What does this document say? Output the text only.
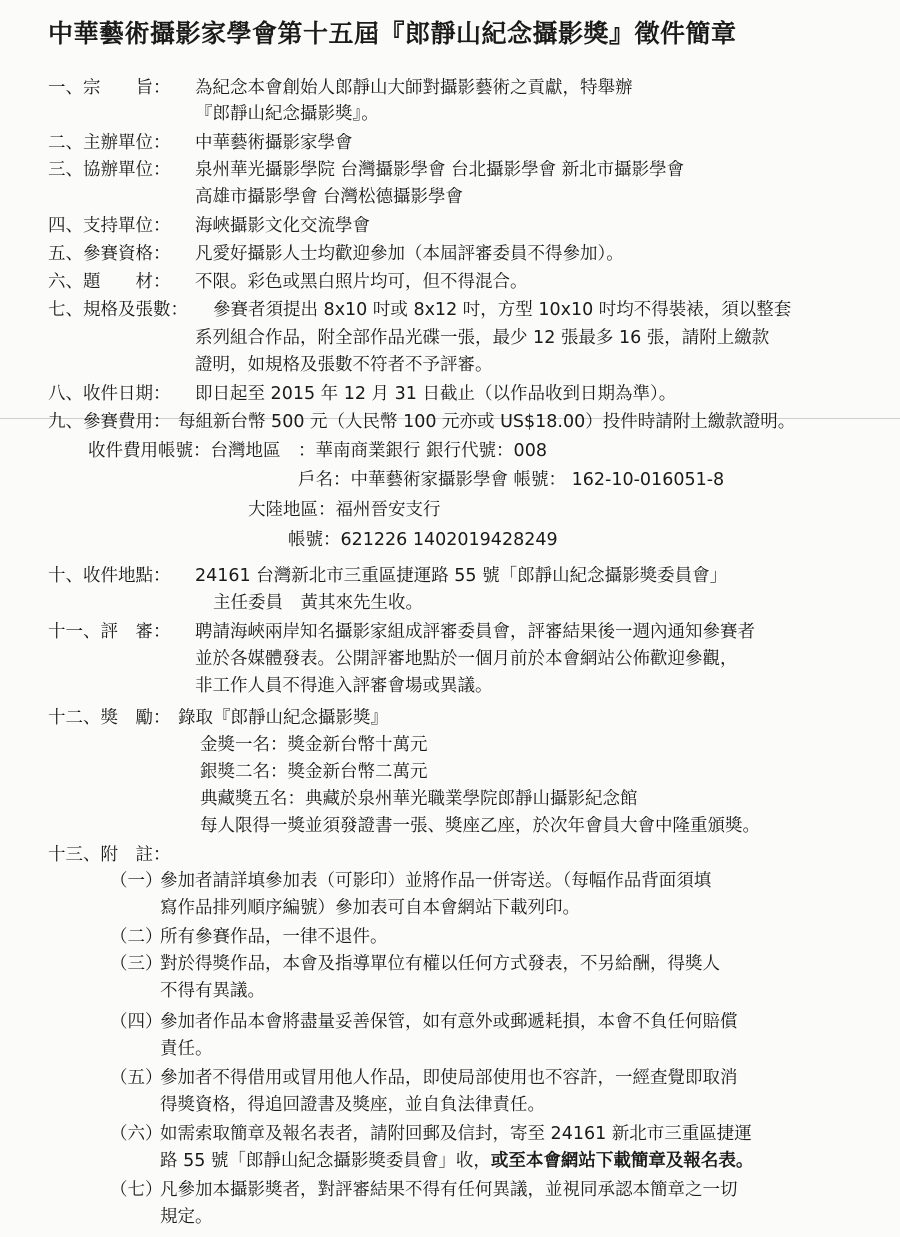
中華藝術攝影家學會第十五屆『郎靜山紀念攝影獎』徵件簡章
一、宗　　旨： 為紀念本會創始人郎靜山大師對攝影藝術之貢獻，特舉辦
『郎靜山紀念攝影獎』。
二、主辦單位： 中華藝術攝影家學會
三、協辦單位： 泉州華光攝影學院 台灣攝影學會 台北攝影學會 新北市攝影學會
高雄市攝影學會 台灣松德攝影學會
四、支持單位： 海峽攝影文化交流學會
五、參賽資格： 凡愛好攝影人士均歡迎參加（本屆評審委員不得參加）。
六、題　　材： 不限。彩色或黑白照片均可，但不得混合。
七、規格及張數： 參賽者須提出 8x10 吋或 8x12 吋，方型 10x10 吋均不得裝裱，須以整套
系列組合作品，附全部作品光碟一張，最少 12 張最多 16 張，請附上繳款
證明，如規格及張數不符者不予評審。
八、收件日期： 即日起至 2015 年 12 月 31 日截止（以作品收到日期為準）。
九、參賽費用： 每組新台幣 500 元（人民幣 100 元亦或 US$18.00）投件時請附上繳款證明。
收件費用帳號：台灣地區　：華南商業銀行 銀行代號：008
戶名：中華藝術家攝影學會 帳號： 162-10-016051-8
大陸地區：福州晉安支行
帳號：621226 1402019428249
十、收件地點： 24161 台灣新北市三重區捷運路 55 號「郎靜山紀念攝影獎委員會」
主任委員　黃其來先生收。
十一、評　審： 聘請海峽兩岸知名攝影家組成評審委員會，評審結果後一週內通知參賽者
並於各媒體發表。公開評審地點於一個月前於本會網站公佈歡迎參觀，
非工作人員不得進入評審會場或異議。
十二、獎　勵： 錄取『郎靜山紀念攝影獎』
金獎一名：獎金新台幣十萬元
銀獎二名：獎金新台幣二萬元
典藏獎五名：典藏於泉州華光職業學院郎靜山攝影紀念館
每人限得一獎並須發證書一張、獎座乙座，於次年會員大會中隆重頒獎。
十三、附　註：
（一）
參加者請詳填參加表（可影印）並將作品一併寄送。（每幅作品背面須填
寫作品排列順序編號）參加表可自本會網站下載列印。
（二）
所有參賽作品，一律不退件。
（三）
對於得獎作品，本會及指導單位有權以任何方式發表，不另給酬，得獎人
不得有異議。
（四）
參加者作品本會將盡量妥善保管，如有意外或郵遞耗損，本會不負任何賠償
責任。
（五）
參加者不得借用或冒用他人作品，即使局部使用也不容許，一經查覺即取消
得獎資格，得追回證書及獎座，並自負法律責任。
（六）
如需索取簡章及報名表者，請附回郵及信封，寄至 24161 新北市三重區捷運
路 55 號「郎靜山紀念攝影獎委員會」收，或至本會網站下載簡章及報名表。
（七）
凡參加本攝影獎者，對評審結果不得有任何異議，並視同承認本簡章之一切
規定。
